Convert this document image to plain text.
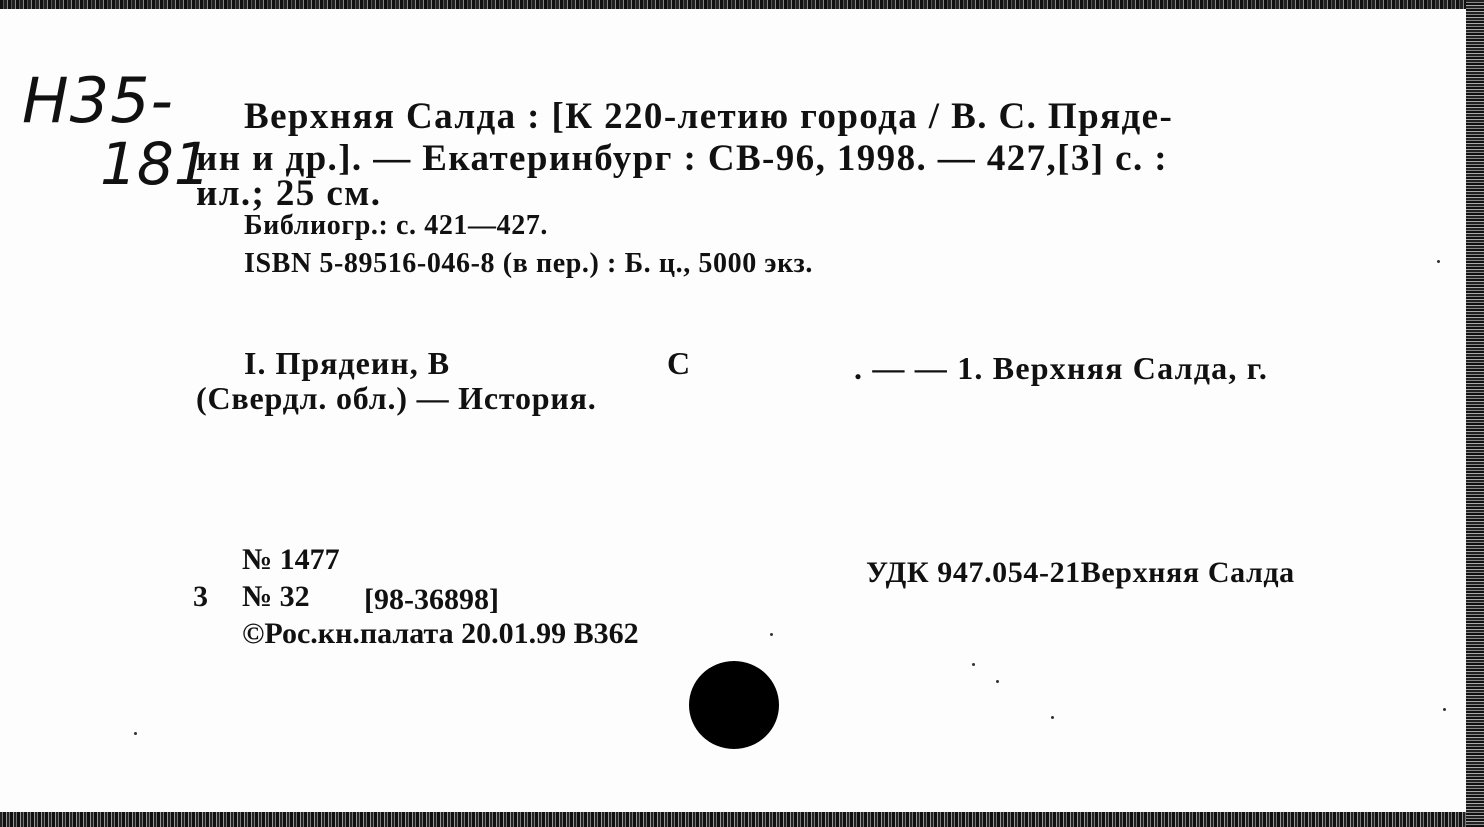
Н35-
181
Верхняя Салда : [К 220-летию города / В. С. Пряде-
ин и др.]. — Екатеринбург : СВ-96, 1998. — 427,[3] с. :
ил.; 25 см.
Библиогр.: с. 421—427.
ISBN 5-89516-046-8 (в пер.) : Б. ц., 5000 экз.
I. Прядеин, В	С	. — — 1. Верхняя Салда, г.
(Свердл. обл.) — История.
№ 1477
3 № 32 [98-36898]
©Рос.кн.палата 20.01.99 В362
УДК 947.054-21Верхняя Салда
